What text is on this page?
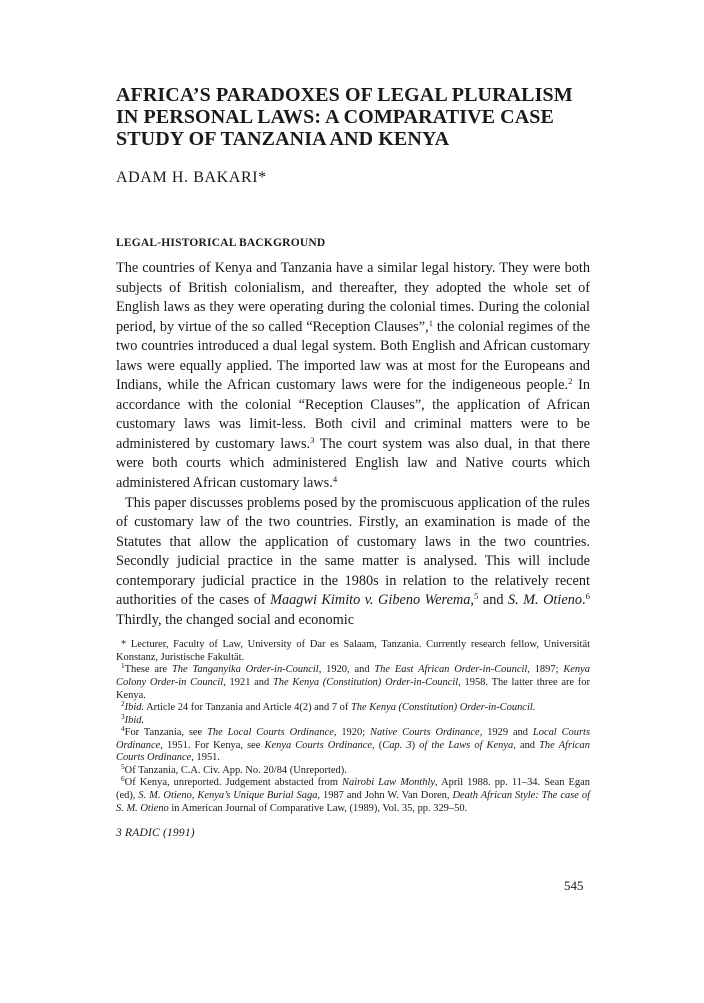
AFRICA’S PARADOXES OF LEGAL PLURALISM IN PERSONAL LAWS: A COMPARATIVE CASE STUDY OF TANZANIA AND KENYA
ADAM H. BAKARI*
LEGAL-HISTORICAL BACKGROUND

The countries of Kenya and Tanzania have a similar legal history. They were both subjects of British colonialism, and thereafter, they adopted the whole set of English laws as they were operating during the colonial times. During the colonial period, by virtue of the so called “Reception Clauses”,$^1$ the colonial regimes of the two countries introduced a dual legal system. Both English and African customary laws were equally applied. The imported law was at most for the Europeans and Indians, while the African customary laws were for the indigeneous people.$^2$ In accordance with the colonial “Reception Clauses”, the application of African customary laws was limit-less. Both civil and criminal matters were to be administered by customary laws.$^3$ The court system was also dual, in that there were both courts which administered English law and Native courts which administered African customary laws.$^4$

This paper discusses problems posed by the promiscuous application of the rules of customary law of the two countries. Firstly, an examination is made of the Statutes that allow the application of customary laws in the two countries. Secondly judicial practice in the same matter is analysed. This will include contemporary judicial practice in the 1980s in relation to the relatively recent authorities of the cases of Maagwi Kimito v. Gibeno Werema,$^5$ and S. M. Otieno.$^6$ Thirdly, the changed social and economic

* Lecturer, Faculty of Law, University of Dar es Salaam, Tanzania. Currently research fellow, Universität Konstanz, Juristische Fakultät.

$^1$These are The Tanganyika Order-in-Council, 1920, and The East African Order-in-Council, 1897; Kenya Colony Order-in Council, 1921 and The Kenya (Constitution) Order-in-Council, 1958. The latter three are for Kenya.

$^2$Ibid. Article 24 for Tanzania and Article 4(2) and 7 of The Kenya (Constitution) Order-in-Council.

$^3$Ibid.

$^4$For Tanzania, see The Local Courts Ordinance, 1920; Native Courts Ordinance, 1929 and Local Courts Ordinance, 1951. For Kenya, see Kenya Courts Ordinance, (Cap. 3) of the Laws of Kenya, and The African Courts Ordinance, 1951.

$^5$Of Tanzania, C.A. Civ. App. No. 20/84 (Unreported).

$^6$Of Kenya, unreported. Judgement abstacted from Nairobi Law Monthly, April 1988. pp. 11–34. Sean Egan (ed), S. M. Otieno, Kenya’s Unique Burial Saga, 1987 and John W. Van Doren, Death African Style: The case of S. M. Otieno in American Journal of Comparative Law, (1989), Vol. 35, pp. 329–50.

3 RADIC (1991)
545
